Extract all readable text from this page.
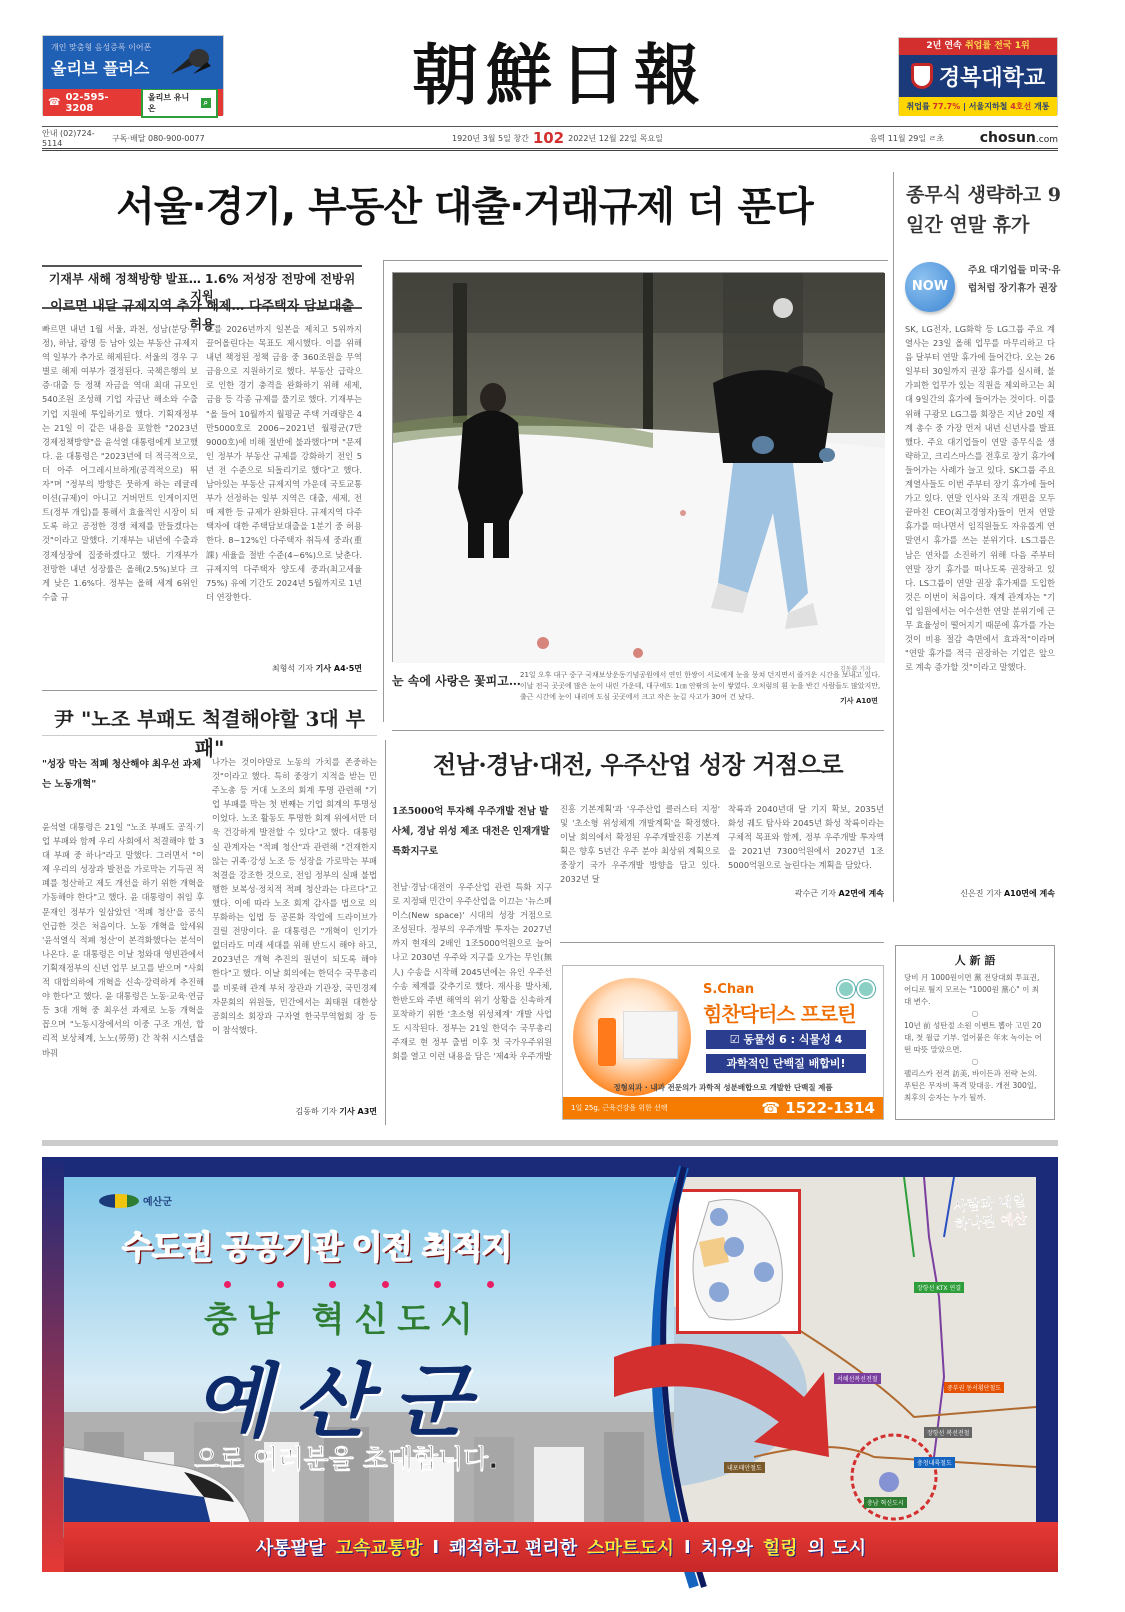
개인 맞춤형 음성증폭 이어폰
올리브 플러스
☎ 02-595-3208
올리브 유니온
⌕	朝鮮日報	2년 연속 취업률 전국 1위
경복대학교
취업률 77.7% | 서울지하철 4호선 개통
안내 (02)724-5114
구독·배달 080-900-0077	1920년 3월 5일 창간 102 2022년 12월 22일 목요일	음력 11월 29일 ㄹ초	chosun.com
서울·경기, 부동산 대출·거래규제 더 푼다
기재부 새해 정책방향 발표… 1.6% 저성장 전망에 전방위 지원
이르면 내달 규제지역 추가 해제… 다주택자 담보대출 허용
빠르면 내년 1월 서울, 과천, 성남(분당·수정), 하남, 광명 등 남아 있는 부동산 규제지역 일부가 추가로 해제된다. 서울의 경우 구별로 해제 여부가 결정된다. 국책은행의 보증·대출 등 정책 자금을 역대 최대 규모인 540조원 조성해 기업 자금난 해소와 수출 기업 지원에 투입하기로 했다. 기획재정부는 21일 이 같은 내용을 포함한 "2023년 경제정책방향"을 윤석열 대통령에게 보고했다. 윤 대통령은 "2023년에 더 적극적으로, 더 아주 어그레시브하게(공격적으로) 뛰자"며 "정부의 방향은 뭇하게 하는 레귤레이션(규제)이 아니고 거버먼트 인게이지먼트(정부 개입)를 통해서 효율적인 시장이 되도록 하고 공정한 경쟁 체제를 만들겠다는 것"이라고 말했다. 기재부는 내년에 수출과 경제성장에 집중하겠다고 했다. 기재부가 전망한 내년 성장률은 올해(2.5%)보다 크게 낮은 1.6%다. 정부는 올해 세계 6위인 수출 규
모를 2026년까지 일본을 제치고 5위까지 끌어올린다는 목표도 제시했다. 이를 위해 내년 책정된 정책 금융 중 360조원을 무역 금융으로 지원하기로 했다. 부동산 급락으로 인한 경기 충격을 완화하기 위해 세제, 금융 등 각종 규제를 풀기로 했다. 기재부는 "올 들어 10월까지 월평균 주택 거래량은 4만5000호로 2006~2021년 월평균(7만9000호)에 비해 절반에 불과했다"며 "문제인 정부가 부동산 규제를 강화하기 전인 5년 전 수준으로 되돌리기로 했다"고 했다. 남아있는 부동산 규제지역 가운데 국토교통부가 선정하는 일부 지역은 대출, 세제, 전매 제한 등 규제가 완화된다. 규제지역 다주택자에 대한 주택담보대출을 1분기 중 허용한다. 8~12%인 다주택자 취득세 중과(重課) 세율을 절반 수준(4~6%)으로 낮춘다. 규제지역 다주택자 양도세 중과(최고세율 75%) 유예 기간도 2024년 5월까지로 1년 더 연장한다.
최형석 기자 기사 A4·5면	김동환 기자
눈 속에 사랑은 꽃피고… 21일 오후 대구 중구 국채보상운동기념공원에서 연인 한쌍이 서로에게 눈을 뭉쳐 던지면서 즐거운 시간을 보내고 있다. 이날 전국 곳곳에 많은 눈이 내린 가운데, 대구에도 1㎝ 안팎의 눈이 쌓였다. 오처럼의 흰 눈을 반긴 사람들도 많았지만, 출근 시간에 눈이 내리며 도심 곳곳에서 크고 작은 눈길 사고가 30여 건 났다.	기사 A10면
종무식 생략하고 9일간 연말 휴가
NOW
주요 대기업들 미국·유럽처럼 장기휴가 권장
SK, LG전자, LG화학 등 LG그룹 주요 계열사는 23일 올해 업무를 마무리하고 다음 달부터 연말 휴가에 들어간다. 오는 26일부터 30일까지 권장 휴가를 실시해, 불가피한 업무가 있는 직원을 제외하고는 최대 9일간의 휴가에 들어가는 것이다. 이를 위해 구광모 LG그룹 회장은 지난 20일 재계 총수 중 가장 먼저 내년 신년사를 발표했다. 주요 대기업들이 연말 종무식을 생략하고, 크리스마스를 전후로 장기 휴가에 들어가는 사례가 늘고 있다. SK그룹 주요 계열사들도 이번 주부터 장기 휴가에 들어가고 있다. 연말 인사와 조직 개편을 모두 끝마친 CEO(최고경영자)들이 먼저 연말 휴가를 떠나면서 임직원들도 자유롭게 연말연시 휴가를 쓰는 분위기다. LS그룹은 남은 연차를 소진하기 위해 다음 주부터 연말 장기 휴가를 떠나도록 권장하고 있다. LS그룹이 연말 권장 휴가제를 도입한 것은 이번이 처음이다. 재계 관계자는 "기업 임원에서는 어수선한 연말 분위기에 근무 효율성이 떨어지기 때문에 휴가를 가는 것이 비용 절감 측면에서 효과적"이라며 "연말 휴가를 적극 권장하는 기업은 앞으로 계속 증가할 것"이라고 말했다.
신은진 기자 A10면에 계속
尹 "노조 부패도 척결해야할 3대 부패"
"성장 막는 적폐 청산해야 최우선 과제는 노동개혁"
윤석열 대통령은 21일 "노조 부패도 공직·기업 부패와 함께 우리 사회에서 척결해야 할 3대 부패 중 하나"라고 말했다. 그러면서 "이제 우리의 성장과 발전을 가로막는 기득권 적폐를 청산하고 제도 개선을 하기 위한 개혁을 가동해야 한다"고 했다. 윤 대통령이 취임 후 문재인 정부가 일삼았던 '적폐 청산'을 공식 언급한 것은 처음이다. 노동 개혁을 앞세워 '윤석열식 적폐 청산'이 본격화했다는 분석이 나온다. 윤 대통령은 이날 청와대 영빈관에서 기획재정부의 신년 업무 보고를 받으며 "사회적 대합의하에 개혁을 신속·강력하게 추진해야 한다"고 했다. 윤 대통령은 노동·교육·연금 등 3대 개혁 중 최우선 과제로 노동 개혁을 꼽으며 "노동시장에서의 이중 구조 개선, 합리적 보상체계, 노노(勞勞) 간 착취 시스템을 바꿔
나가는 것이야말로 노동의 가치를 존중하는 것"이라고 했다. 특히 중장기 지적을 받는 민주노총 등 거대 노조의 회계 투명 관련해 "기업 부패를 막는 첫 번째는 기업 회계의 투명성이었다. 노조 활동도 투명한 회계 위에서만 더욱 건강하게 발전할 수 있다"고 했다. 대통령실 관계자는 "적폐 청산"과 관련해 "건재한지 않는 귀족·강성 노조 등 성장을 가로막는 부패 척결을 강조한 것으로, 전임 정부의 실패 불법행한 보복성·정치적 적폐 청산과는 다르다"고 했다. 이에 따라 노조 회계 감사를 법으로 의무화하는 입법 등 공론화 작업에 드라이브가 걸릴 전망이다. 윤 대통령은 "개혁이 인기가 없더라도 미래 세대를 위해 반드시 해야 하고, 2023년은 개혁 추진의 원년이 되도록 해야 한다"고 했다. 이날 회의에는 한덕수 국무총리를 비롯해 관계 부처 장관과 기관장, 국민경제자문회의 위원들, 민간에서는 최태원 대한상공회의소 회장과 구자열 한국무역협회 장 등이 참석했다.
김동하 기자 기사 A3면
전남·경남·대전, 우주산업 성장 거점으로
1조5000억 투자해 우주개발 전남 발사체, 경남 위성 제조 대전은 인재개발 특화지구로
전남·경남·대전이 우주산업 관련 특화 지구로 지정돼 민간이 우주산업을 이끄는 '뉴스페이스(New space)' 시대의 성장 거점으로 조성된다. 정부의 우주개발 투자는 2027년까지 현재의 2배인 1조5000억원으로 늘어나고 2030년 우주와 지구를 오가는 무인(無人) 수송을 시작해 2045년에는 유인 우주선 수송 체계를 갖추기로 했다. 재사용 발사체, 한반도와 주변 해역의 위기 상황을 신속하게 포착하기 위한 '초소형 위성체계' 개발 사업도 시작된다. 정부는 21일 한덕수 국무총리 주재로 현 정부 출범 이후 첫 국가우주위원회를 열고 이런 내용을 담은 '제4차 우주개발
진흥 기본계획'과 '우주산업 클러스터 지정' 및 '초소형 위성체계 개발계획'을 확정했다. 이날 회의에서 확정된 우주개발진흥 기본계획은 향후 5년간 우주 분야 최상위 계획으로 중장기 국가 우주개발 방향을 담고 있다. 2032년 달
착륙과 2040년대 달 기지 확보, 2035년 화성 궤도 탐사와 2045년 화성 착륙이라는 구체적 목표와 함께, 정부 우주개발 투자액을 2021년 7300억원에서 2027년 1조5000억원으로 늘린다는 계획을 담았다.
곽수근 기자 A2면에 계속
S.Chan
힘찬닥터스 프로틴
☑ 동물성 6 : 식물성 4
과학적인 단백질 배합비!
정형외과 · 내과 전문의가 과학적 성분배합으로 개발한 단백질 제품
1일 25g, 근육건강을 위한 선택	☎ 1522-1314
人 新 語

당비 月 1000원이면 黨 전당대회 투표권, 어디로 튈지 모르는 "1000원 黨心" 이 최대 변수.

○

10년 前 성탄절 소원 이벤트 뽑아 고민 20대, 첫 월급 기부. 얼어붙은 年末 녹이는 어떤 따뜻 말았으면.

○

팰리스카 전격 訪美, 바이든과 전략 논의. 푸틴은 무자비 폭격 맞대응. 개전 300일, 최후의 승자는 누가 될까.

예산군
수도권 공공기관 이전 최적지
충남 혁신도시
예산군
으로 여러분을 초대합니다.
장항선 KTX 연결
서해선복선전철
내포태안철도
충남 혁신도시
중부권 동서횡단철도
장항선 복선전철
충청내륙철도
사람과 내일
하나된 예산
사통팔달 고속교통망 I 쾌적하고 편리한 스마트도시 I 치유와 힐링 의 도시
